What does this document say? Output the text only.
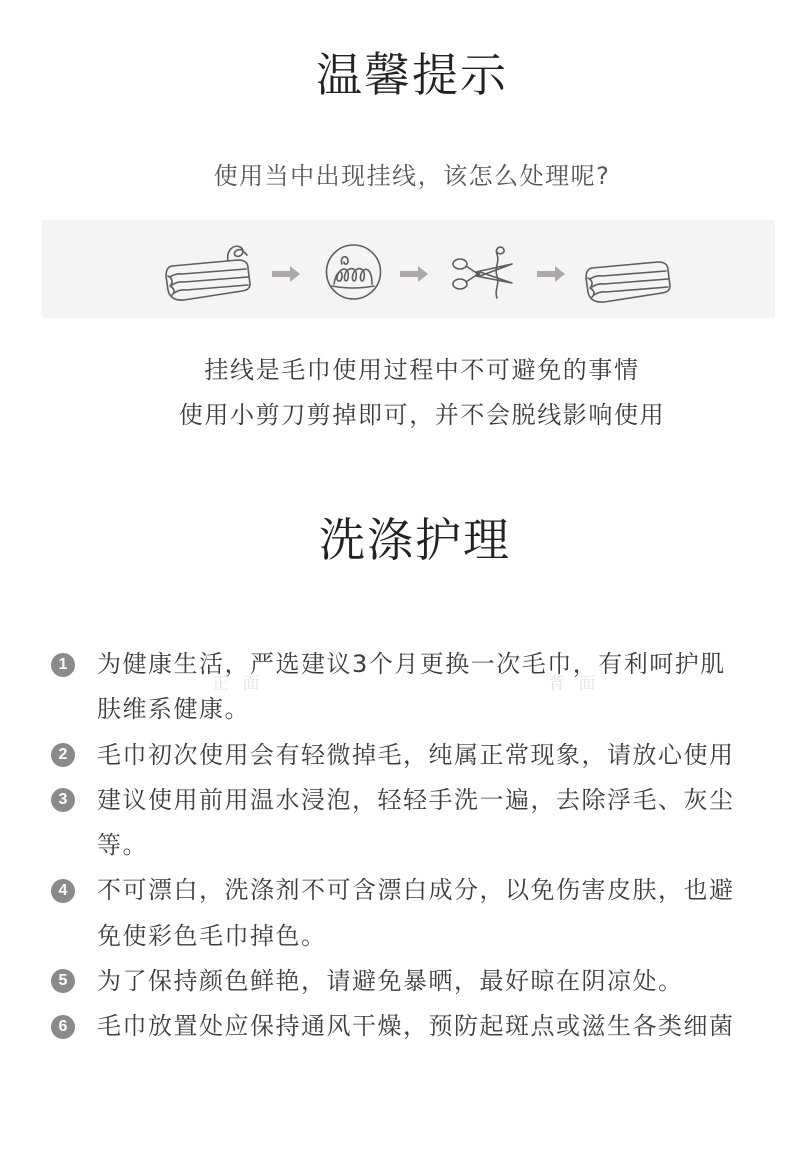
温馨提示
使用当中出现挂线，该怎么处理呢?
挂线是毛巾使用过程中不可避免的事情
使用小剪刀剪掉即可，并不会脱线影响使用
洗涤护理
1	为健康生活，严选建议3个月更换一次毛巾，有利呵护肌
肤维系健康。
2	毛巾初次使用会有轻微掉毛，纯属正常现象，请放心使用
3	建议使用前用温水浸泡，轻轻手洗一遍，去除浮毛、灰尘
等。
4	不可漂白，洗涤剂不可含漂白成分，以免伤害皮肤，也避
免使彩色毛巾掉色。
5	为了保持颜色鲜艳，请避免暴晒，最好晾在阴凉处。
6	毛巾放置处应保持通风干燥，预防起斑点或滋生各类细菌
正 面	背 面
